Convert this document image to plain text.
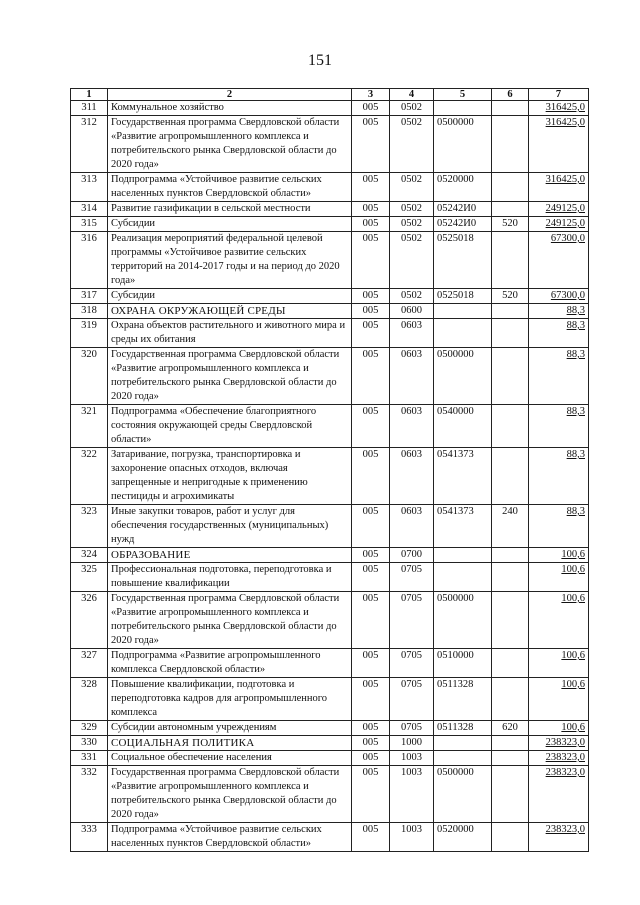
151
1	2	3	4	5	6	7
311	Коммунальное хозяйство	005	0502			316425,0
312	Государственная программа Свердловской области «Развитие агропромышленного комплекса и потребительского рынка Свердловской области до 2020 года»	005	0502	0500000		316425,0
313	Подпрограмма «Устойчивое развитие сельских населенных пунктов Свердловской области»	005	0502	0520000		316425,0
314	Развитие газификации в сельской местности	005	0502	05242И0		249125,0
315	Субсидии	005	0502	05242И0	520	249125,0
316	Реализация мероприятий федеральной целевой программы «Устойчивое развитие сельских территорий на 2014-2017 годы и на период до 2020 года»	005	0502	0525018		67300,0
317	Субсидии	005	0502	0525018	520	67300,0
318	ОХРАНА ОКРУЖАЮЩЕЙ СРЕДЫ	005	0600			88,3
319	Охрана объектов растительного и животного мира и среды их обитания	005	0603			88,3
320	Государственная программа Свердловской области «Развитие агропромышленного комплекса и потребительского рынка Свердловской области до 2020 года»	005	0603	0500000		88,3
321	Подпрограмма «Обеспечение благоприятного состояния окружающей среды Свердловской области»	005	0603	0540000		88,3
322	Затаривание, погрузка, транспортировка и захоронение опасных отходов, включая запрещенные и непригодные к применению пестициды и агрохимикаты	005	0603	0541373		88,3
323	Иные закупки товаров, работ и услуг для обеспечения государственных (муниципальных) нужд	005	0603	0541373	240	88,3
324	ОБРАЗОВАНИЕ	005	0700			100,6
325	Профессиональная подготовка, переподготовка и повышение квалификации	005	0705			100,6
326	Государственная программа Свердловской области «Развитие агропромышленного комплекса и потребительского рынка Свердловской области до 2020 года»	005	0705	0500000		100,6
327	Подпрограмма «Развитие агропромышленного комплекса Свердловской области»	005	0705	0510000		100,6
328	Повышение квалификации, подготовка и переподготовка кадров для агропромышленного комплекса	005	0705	0511328		100,6
329	Субсидии автономным учреждениям	005	0705	0511328	620	100,6
330	СОЦИАЛЬНАЯ ПОЛИТИКА	005	1000			238323,0
331	Социальное обеспечение населения	005	1003			238323,0
332	Государственная программа Свердловской области «Развитие агропромышленного комплекса и потребительского рынка Свердловской области до 2020 года»	005	1003	0500000		238323,0
333	Подпрограмма «Устойчивое развитие сельских населенных пунктов Свердловской области»	005	1003	0520000		238323,0
